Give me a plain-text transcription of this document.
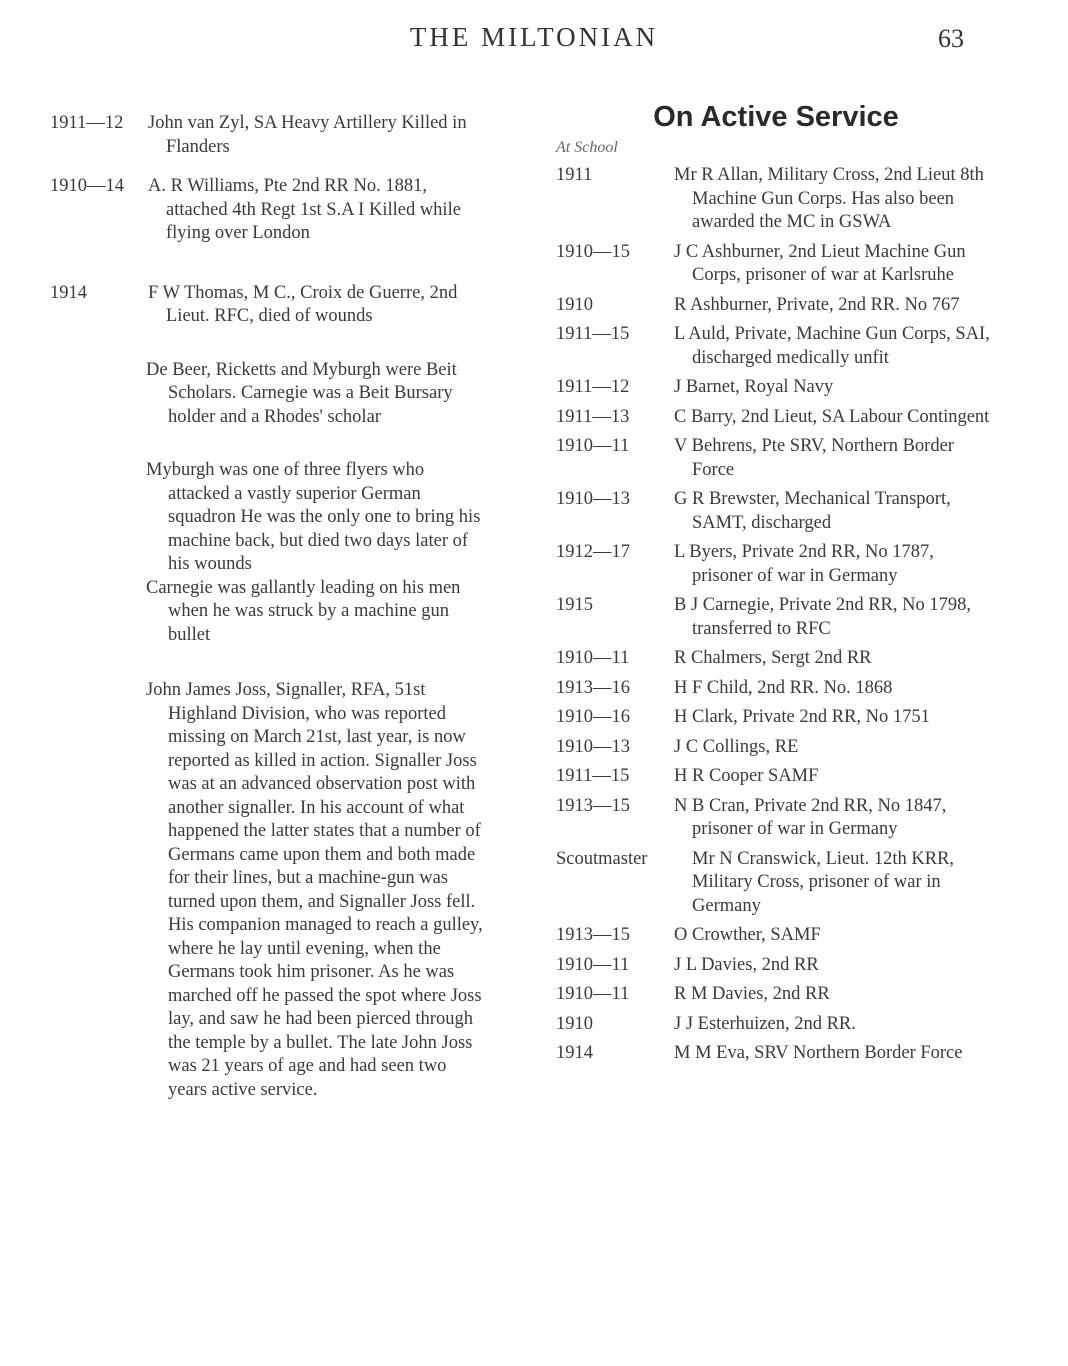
THE MILTONIAN	63
1911—12	John van Zyl, SA Heavy Artillery Killed in Flanders
1910—14	A. R Williams, Pte 2nd RR No. 1881, attached 4th Regt 1st S.A I Killed while flying over London
1914	F W Thomas, M C., Croix de Guerre, 2nd Lieut. RFC, died of wounds
De Beer, Ricketts and Myburgh were Beit Scholars. Carnegie was a Beit Bursary holder and a Rhodes' scholar
Myburgh was one of three flyers who attacked a vastly superior German squadron He was the only one to bring his machine back, but died two days later of his wounds
Carnegie was gallantly leading on his men when he was struck by a machine gun bullet
John James Joss, Signaller, RFA, 51st Highland Division, who was reported missing on March 21st, last year, is now reported as killed in action. Signaller Joss was at an advanced observation post with another signaller. In his account of what happened the latter states that a number of Germans came upon them and both made for their lines, but a machine-gun was turned upon them, and Signaller Joss fell. His companion managed to reach a gulley, where he lay until evening, when the Germans took him prisoner. As he was marched off he passed the spot where Joss lay, and saw he had been pierced through the temple by a bullet. The late John Joss was 21 years of age and had seen two years active service.
On Active Service
At School
1911	Mr R Allan, Military Cross, 2nd Lieut 8th Machine Gun Corps. Has also been awarded the MC in GSWA
1910—15	J C Ashburner, 2nd Lieut Machine Gun Corps, prisoner of war at Karlsruhe
1910	R Ashburner, Private, 2nd RR. No 767
1911—15	L Auld, Private, Machine Gun Corps, SAI, discharged medically unfit
1911—12	J Barnet, Royal Navy
1911—13	C Barry, 2nd Lieut, SA Labour Contingent
1910—11	V Behrens, Pte SRV, Northern Border Force
1910—13	G R Brewster, Mechanical Transport, SAMT, discharged
1912—17	L Byers, Private 2nd RR, No 1787, prisoner of war in Germany
1915	B J Carnegie, Private 2nd RR, No 1798, transferred to RFC
1910—11	R Chalmers, Sergt 2nd RR
1913—16	H F Child, 2nd RR. No. 1868
1910—16	H Clark, Private 2nd RR, No 1751
1910—13	J C Collings, RE
1911—15	H R Cooper SAMF
1913—15	N B Cran, Private 2nd RR, No 1847, prisoner of war in Germany
Scoutmaster	Mr N Cranswick, Lieut. 12th KRR, Military Cross, prisoner of war in Germany
1913—15	O Crowther, SAMF
1910—11	J L Davies, 2nd RR
1910—11	R M Davies, 2nd RR
1910	J J Esterhuizen, 2nd RR.
1914	M M Eva, SRV Northern Border Force
